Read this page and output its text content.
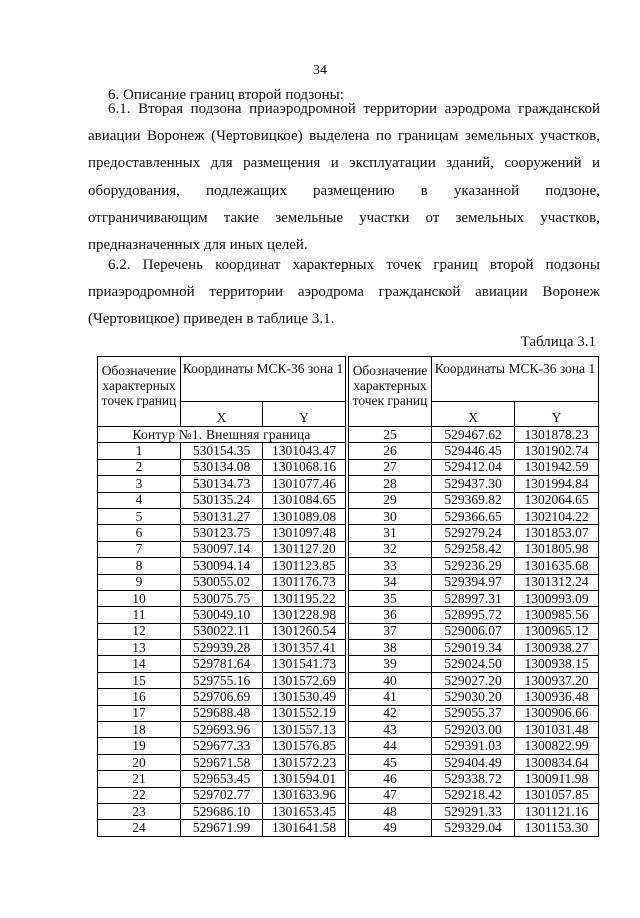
34
6. Описание границ второй подзоны:
6.1. Вторая подзона приаэродромной территории аэродрома гражданской авиации Воронеж (Чертовицкое) выделена по границам земельных участков, предоставленных для размещения и эксплуатации зданий, сооружений и оборудования, подлежащих размещению в указанной подзоне, отграничивающим такие земельные участки от земельных участков, предназначенных для иных целей.
6.2. Перечень координат характерных точек границ второй подзоны приаэродромной территории аэродрома гражданской авиации Воронеж (Чертовицкое) приведен в таблице 3.1.
Таблица 3.1
Обозначение характерных точек границ	Координаты МСК-36 зона 1	
	X	Y
Контур №1. Внешняя граница		
1	530154.35	1301043.47
2	530134.08	1301068.16
3	530134.73	1301077.46
4	530135.24	1301084.65
5	530131.27	1301089.08
6	530123.75	1301097.48
7	530097.14	1301127.20
8	530094.14	1301123.85
9	530055.02	1301176.73
10	530075.75	1301195.22
11	530049.10	1301228.98
12	530022.11	1301260.54
13	529939.28	1301357.41
14	529781.64	1301541.73
15	529755.16	1301572.69
16	529706.69	1301530.49
17	529688.48	1301552.19
18	529693.96	1301557.13
19	529677.33	1301576.85
20	529671.58	1301572.23
21	529653.45	1301594.01
22	529702.77	1301633.96
23	529686.10	1301653.45
24	529671.99	1301641.58
Обозначение характерных точек границ	Координаты МСК-36 зона 1	
	X	Y
25	529467.62	1301878.23
26	529446.45	1301902.74
27	529412.04	1301942.59
28	529437.30	1301994.84
29	529369.82	1302064.65
30	529366.65	1302104.22
31	529279.24	1301853.07
32	529258.42	1301805.98
33	529236.29	1301635.68
34	529394.97	1301312.24
35	528997.31	1300993.09
36	528995.72	1300985.56
37	529006.07	1300965.12
38	529019.34	1300938.27
39	529024.50	1300938.15
40	529027.20	1300937.20
41	529030.20	1300936.48
42	529055.37	1300906.66
43	529203.00	1301031.48
44	529391.03	1300822.99
45	529404.49	1300834.64
46	529338.72	1300911.98
47	529218.42	1301057.85
48	529291.33	1301121.16
49	529329.04	1301153.30
